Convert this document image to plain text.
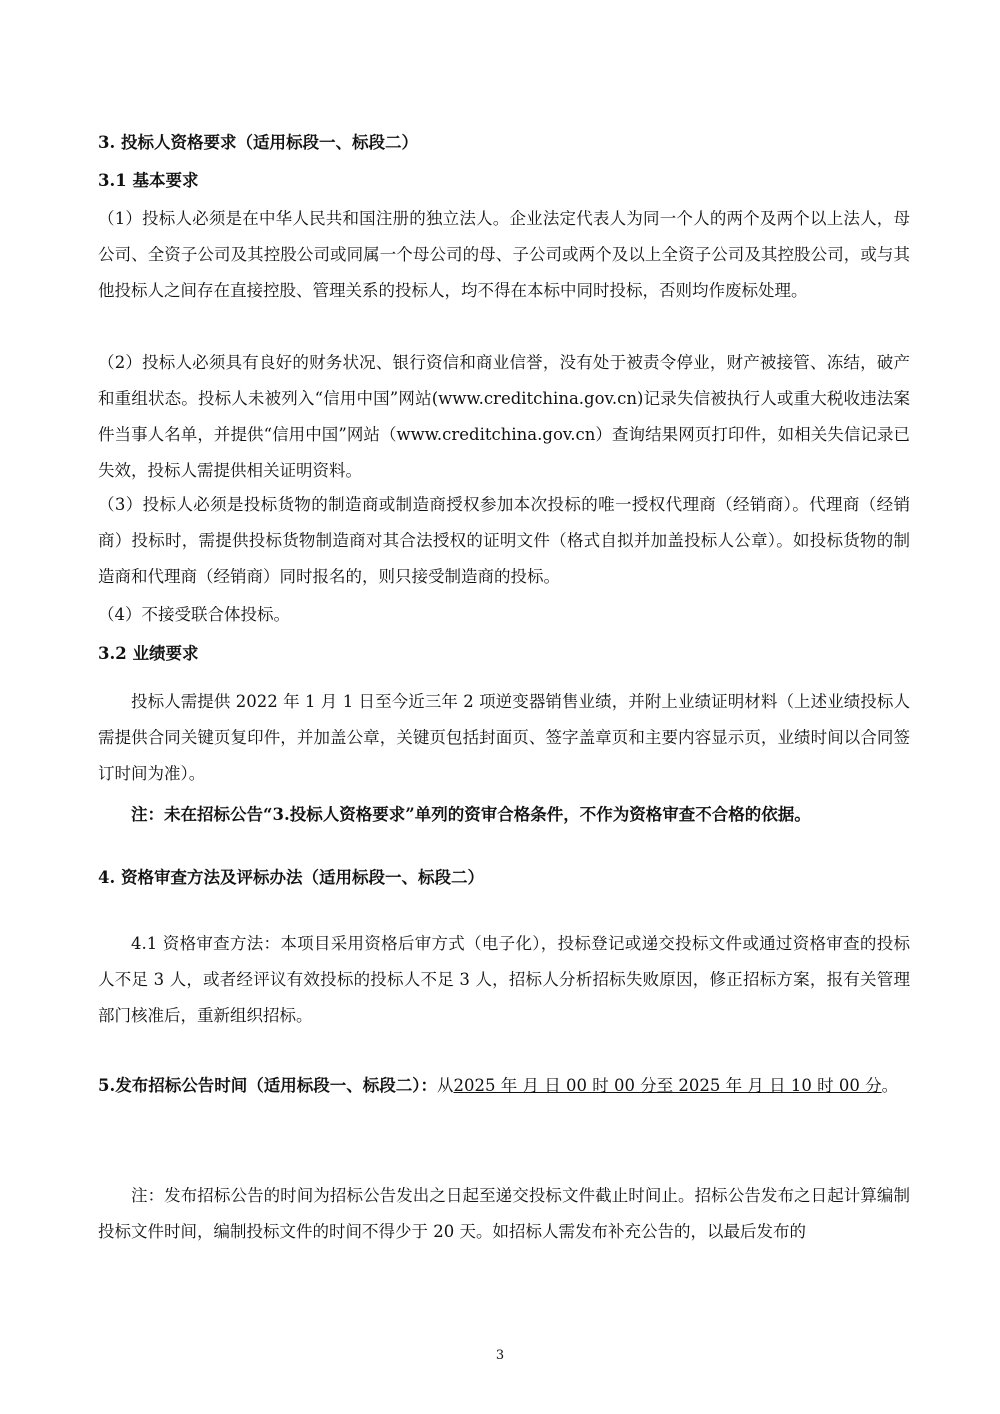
3. 投标人资格要求（适用标段一、标段二）
3.1 基本要求
（1）投标人必须是在中华人民共和国注册的独立法人。企业法定代表人为同一个人的两个及两个以上法人，母公司、全资子公司及其控股公司或同属一个母公司的母、子公司或两个及以上全资子公司及其控股公司，或与其他投标人之间存在直接控股、管理关系的投标人，均不得在本标中同时投标，否则均作废标处理。
（2）投标人必须具有良好的财务状况、银行资信和商业信誉，没有处于被责令停业，财产被接管、冻结，破产和重组状态。投标人未被列入“信用中国”网站(www.creditchina.gov.cn)记录失信被执行人或重大税收违法案件当事人名单，并提供“信用中国”网站（www.creditchina.gov.cn）查询结果网页打印件，如相关失信记录已失效，投标人需提供相关证明资料。
（3）投标人必须是投标货物的制造商或制造商授权参加本次投标的唯一授权代理商（经销商）。代理商（经销商）投标时，需提供投标货物制造商对其合法授权的证明文件（格式自拟并加盖投标人公章）。如投标货物的制造商和代理商（经销商）同时报名的，则只接受制造商的投标。
（4）不接受联合体投标。
3.2 业绩要求
投标人需提供 2022 年 1 月 1 日至今近三年 2 项逆变器销售业绩，并附上业绩证明材料（上述业绩投标人需提供合同关键页复印件，并加盖公章，关键页包括封面页、签字盖章页和主要内容显示页，业绩时间以合同签订时间为准）。
注：未在招标公告“3.投标人资格要求”单列的资审合格条件，不作为资格审查不合格的依据。
4. 资格审查方法及评标办法（适用标段一、标段二）
4.1 资格审查方法：本项目采用资格后审方式（电子化），投标登记或递交投标文件或通过资格审查的投标人不足 3 人，或者经评议有效投标的投标人不足 3 人，招标人分析招标失败原因，修正招标方案，报有关管理部门核准后，重新组织招标。
5.发布招标公告时间（适用标段一、标段二）：从2025 年 月 日 00 时 00 分至 2025 年 月 日 10 时 00 分。
注：发布招标公告的时间为招标公告发出之日起至递交投标文件截止时间止。招标公告发布之日起计算编制投标文件时间，编制投标文件的时间不得少于 20 天。如招标人需发布补充公告的，以最后发布的
3
